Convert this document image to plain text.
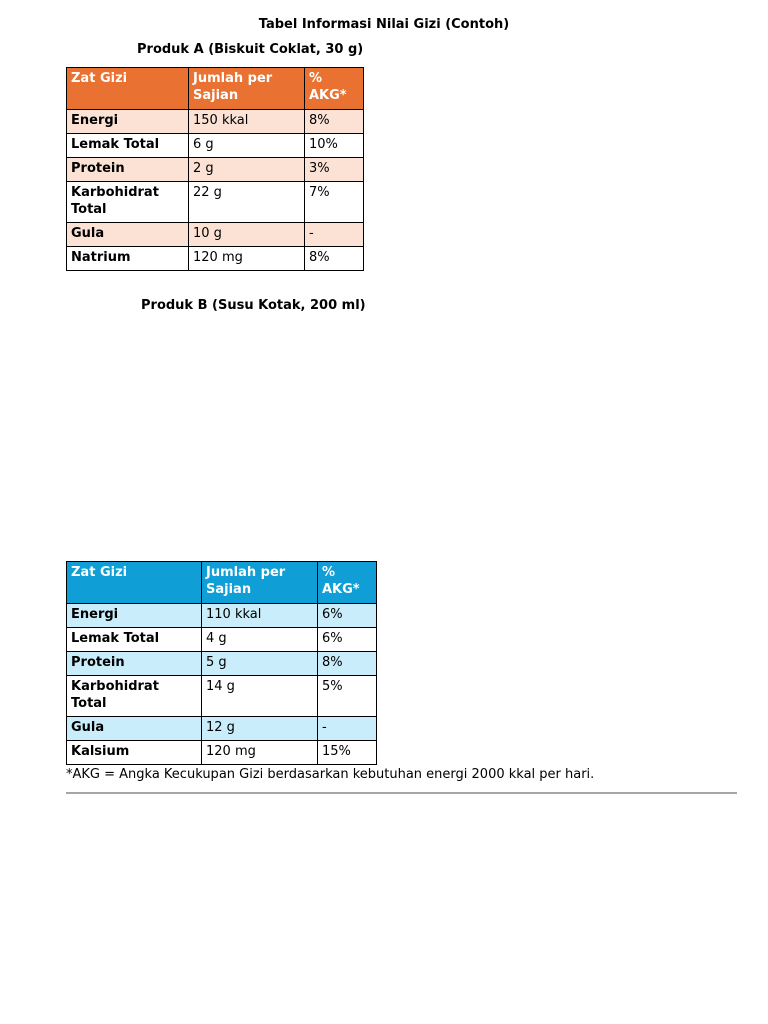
Tabel Informasi Nilai Gizi (Contoh)
Produk A (Biskuit Coklat, 30 g)
Zat Gizi	Jumlah per Sajian	% AKG*
Energi	150 kkal	8%
Lemak Total	6 g	10%
Protein	2 g	3%
Karbohidrat Total	22 g	7%
Gula	10 g	-
Natrium	120 mg	8%
Produk B (Susu Kotak, 200 ml)
Zat Gizi	Jumlah per Sajian	% AKG*
Energi	110 kkal	6%
Lemak Total	4 g	6%
Protein	5 g	8%
Karbohidrat Total	14 g	5%
Gula	12 g	-
Kalsium	120 mg	15%
*AKG = Angka Kecukupan Gizi berdasarkan kebutuhan energi 2000 kkal per hari.
